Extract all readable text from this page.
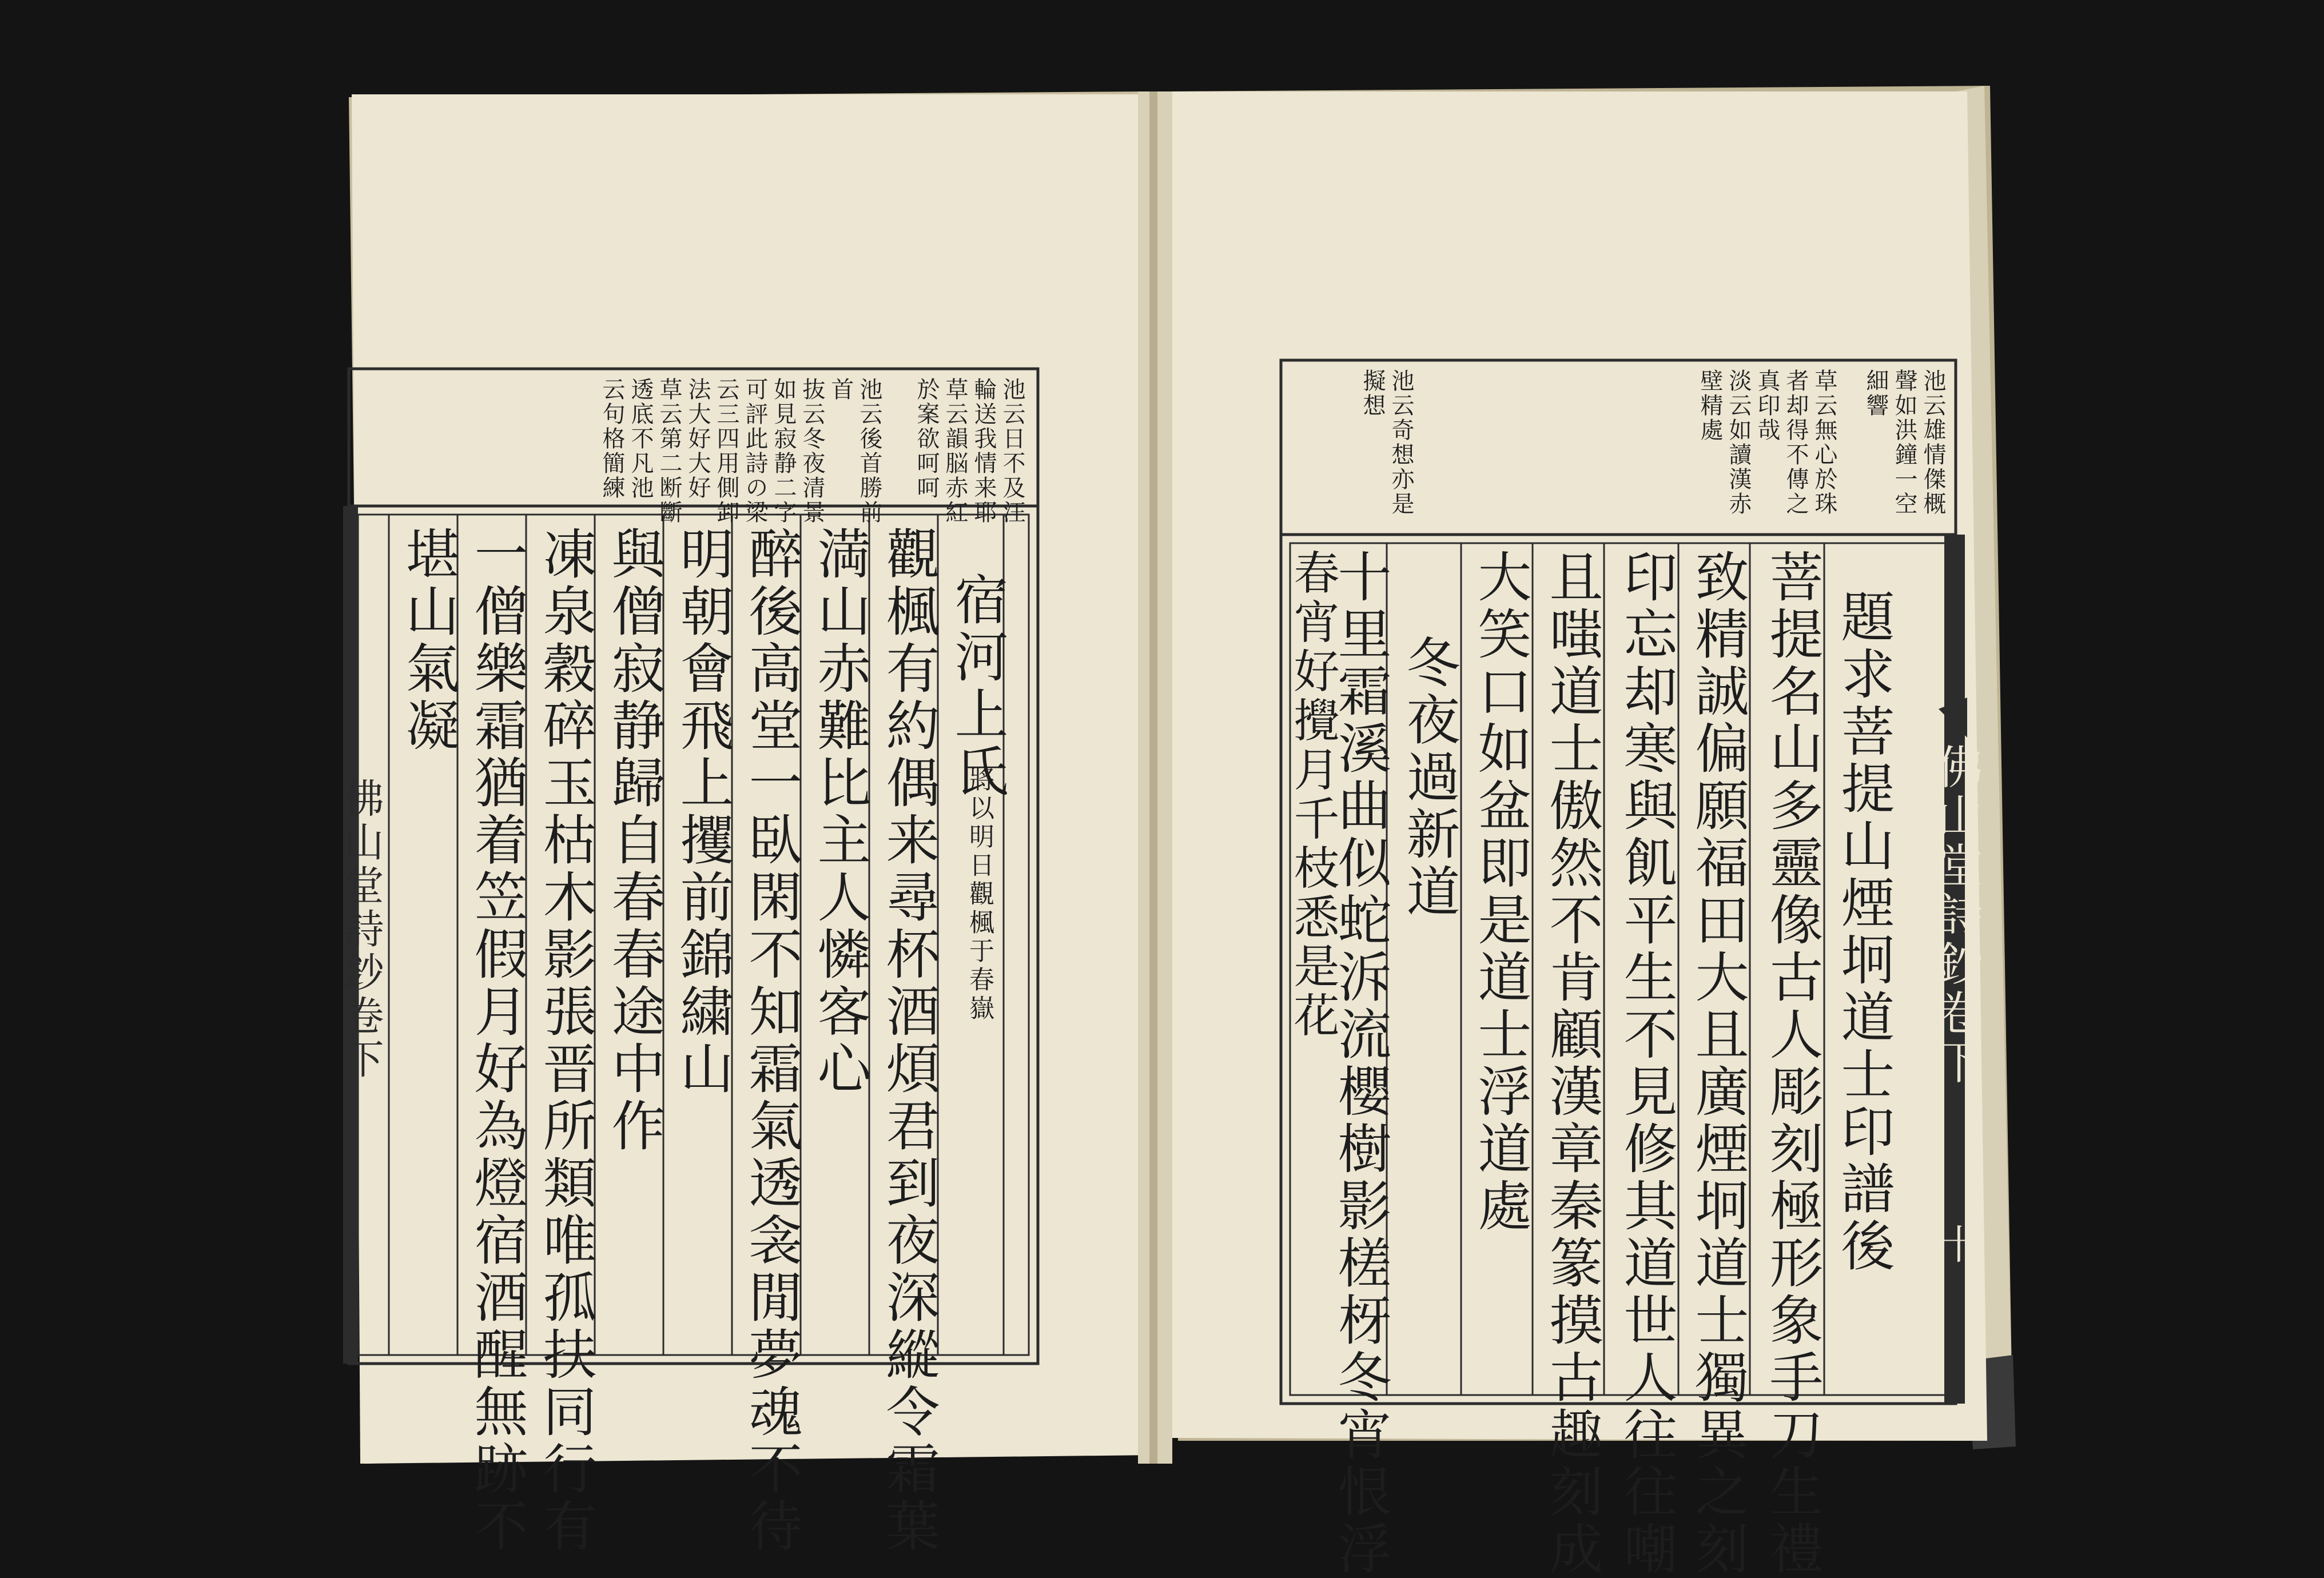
池云日不及汪
輪送我情来耶
草云韻脳赤紅
於案欲呵呵
池云後首勝前
首
抜云冬夜清景
如見寂静二字
可評此詩の梁
云三四用側卸
法大好大好
草云第二断斷
透底不凡池
云句格簡練
宿河上氏
將以明日觀楓于春嶽
觀楓有約偶来尋杯酒煩君到夜深縱令霜葉
満山赤難比主人憐客心
醉後高堂一臥閑不知霜氣透衾閒夢魂不待
明朝會飛上攫前錦繍山
與僧寂静歸自春春途中作
凍泉穀碎玉枯木影張晋所類唯孤扶同行有
一僧樂霜猶着笠假月好為燈宿酒醒無跡不
堪山氣凝
佛山堂詩鈔卷下
池云雄情傑概
聲如洪鐘一空
細響
草云無心於珠
者却得不傳之
真印哉
淡云如讀漢赤
壁精處
池云奇想亦是
擬想
題求菩提山煙坰道士印譜後
菩提名山多靈像古人彫刻極形象手刀生禮
致精誠偏願福田大且廣煙坰道士獨異之刻
印忘却寒與飢平生不見修其道世人往往嘲
且嗤道士傲然不肯顧漢章秦篆摸古趣刻成
大笑口如盆即是道士浮道處
冬夜過新道
十里霜溪曲似蛇泝流櫻樹影槎枒冬宵恨浮
春宵好攪月千枝悉是花	佛山堂詩鈔卷下
十
